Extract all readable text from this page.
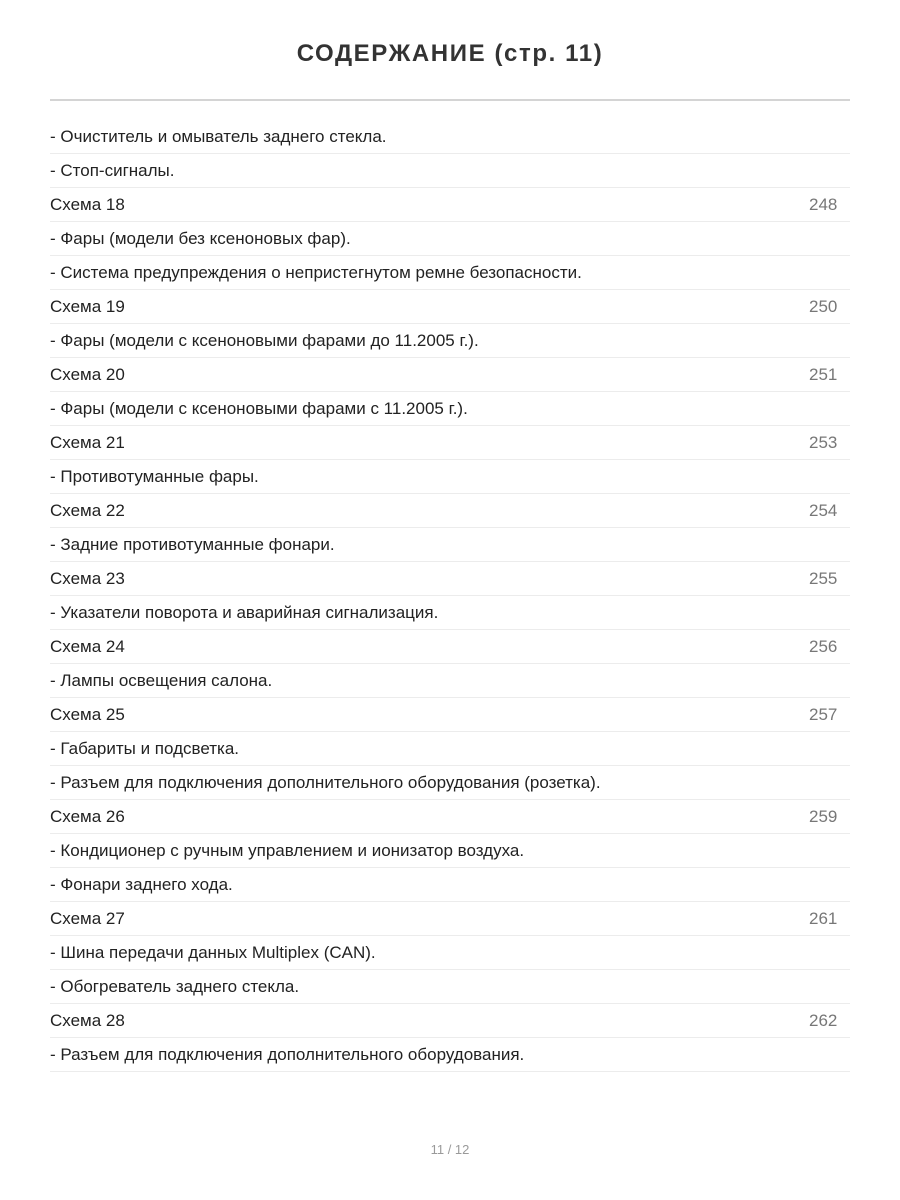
СОДЕРЖАНИЕ (стр. 11)
- Очиститель и омыватель заднего стекла.
- Стоп-сигналы.
Схема 18	248
- Фары (модели без ксеноновых фар).
- Система предупреждения о непристегнутом ремне безопасности.
Схема 19	250
- Фары (модели с ксеноновыми фарами до 11.2005 г.).
Схема 20	251
- Фары (модели с ксеноновыми фарами с 11.2005 г.).
Схема 21	253
- Противотуманные фары.
Схема 22	254
- Задние противотуманные фонари.
Схема 23	255
- Указатели поворота и аварийная сигнализация.
Схема 24	256
- Лампы освещения салона.
Схема 25	257
- Габариты и подсветка.
- Разъем для подключения дополнительного оборудования (розетка).
Схема 26	259
- Кондиционер с ручным управлением и ионизатор воздуха.
- Фонари заднего хода.
Схема 27	261
- Шина передачи данных Multiplex (CAN).
- Обогреватель заднего стекла.
Схема 28	262
- Разъем для подключения дополнительного оборудования.
11 / 12
